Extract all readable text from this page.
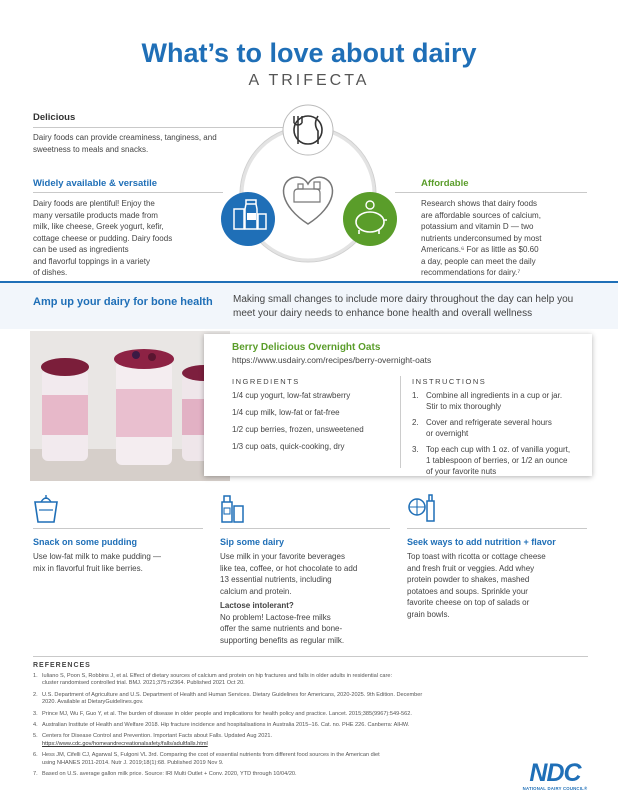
What’s to love about dairy
A TRIFECTA
Delicious
Dairy foods can provide creaminess, tanginess, and sweetness to meals and snacks.
Widely available & versatile
Dairy foods are plentiful! Enjoy the
many versatile products made from
milk, like cheese, Greek yogurt, kefir,
cottage cheese or pudding. Dairy foods
can be used as ingredients
and flavorful toppings in a variety
of dishes.
Affordable
Research shows that dairy foods
are affordable sources of calcium,
potassium and vitamin D — two
nutrients underconsumed by most
Americans.⁶ For as little as $0.60
a day, people can meet the daily
recommendations for dairy.⁷
Amp up your dairy for bone health Making small changes to include more dairy throughout the day can help you meet your dairy needs to enhance bone health and overall wellness
Berry Delicious Overnight Oats
https://www.usdairy.com/recipes/berry-overnight-oats
INGREDIENTS
1/4 cup yogurt, low-fat strawberry
1/4 cup milk, low-fat or fat-free
1/2 cup berries, frozen, unsweetened
1/3 cup oats, quick-cooking, dry
INSTRUCTIONS
1. Combine all ingredients in a cup or jar.
Stir to mix thoroughly
2. Cover and refrigerate several hours
or overnight
3. Top each cup with 1 oz. of vanilla yogurt,
1 tablespoon of berries, or 1/2 an ounce
of your favorite nuts
Snack on some pudding
Use low-fat milk to make pudding —
mix in flavorful fruit like berries.
Sip some dairy
Use milk in your favorite beverages
like tea, coffee, or hot chocolate to add
13 essential nutrients, including
calcium and protein.
Lactose intolerant?
No problem! Lactose-free milks
offer the same nutrients and bone-
supporting benefits as regular milk.
Seek ways to add nutrition + flavor
Top toast with ricotta or cottage cheese
and fresh fruit or veggies. Add whey
protein powder to shakes, mashed
potatoes and soups. Sprinkle your
favorite cheese on top of salads or
grain bowls.
REFERENCES
1. Iuliano S, Poon S, Robbins J, et al. Effect of dietary sources of calcium and protein on hip fractures and falls in older adults in residential care:
cluster randomised controlled trial. BMJ. 2021;375:n2364. Published 2021 Oct 20.
2. U.S. Department of Agriculture and U.S. Department of Health and Human Services. Dietary Guidelines for Americans, 2020-2025. 9th Edition. December
2020. Available at DietaryGuidelines.gov.
3. Prince MJ, Wu F, Guo Y, et al. The burden of disease in older people and implications for health policy and practice. Lancet. 2015;385(9967):549-562.
4. Australian Institute of Health and Welfare 2018. Hip fracture incidence and hospitalisations in Australia 2015–16. Cat. no. PHE 226. Canberra: AIHW.
5. Centers for Disease Control and Prevention. Important Facts about Falls. Updated Aug 2021.
https://www.cdc.gov/homeandrecreationalsafety/falls/adultfalls.html
6. Hess JM, Cifelli CJ, Agarwal S, Fulgoni VL 3rd. Comparing the cost of essential nutrients from different food sources in the American diet
using NHANES 2011-2014. Nutr J. 2019;18(1):68. Published 2019 Nov 9.
7. Based on U.S. average gallon milk price. Source: IRI Multi Outlet + Conv. 2020, YTD through 10/04/20.	NDC
NATIONAL DAIRY COUNCIL®
